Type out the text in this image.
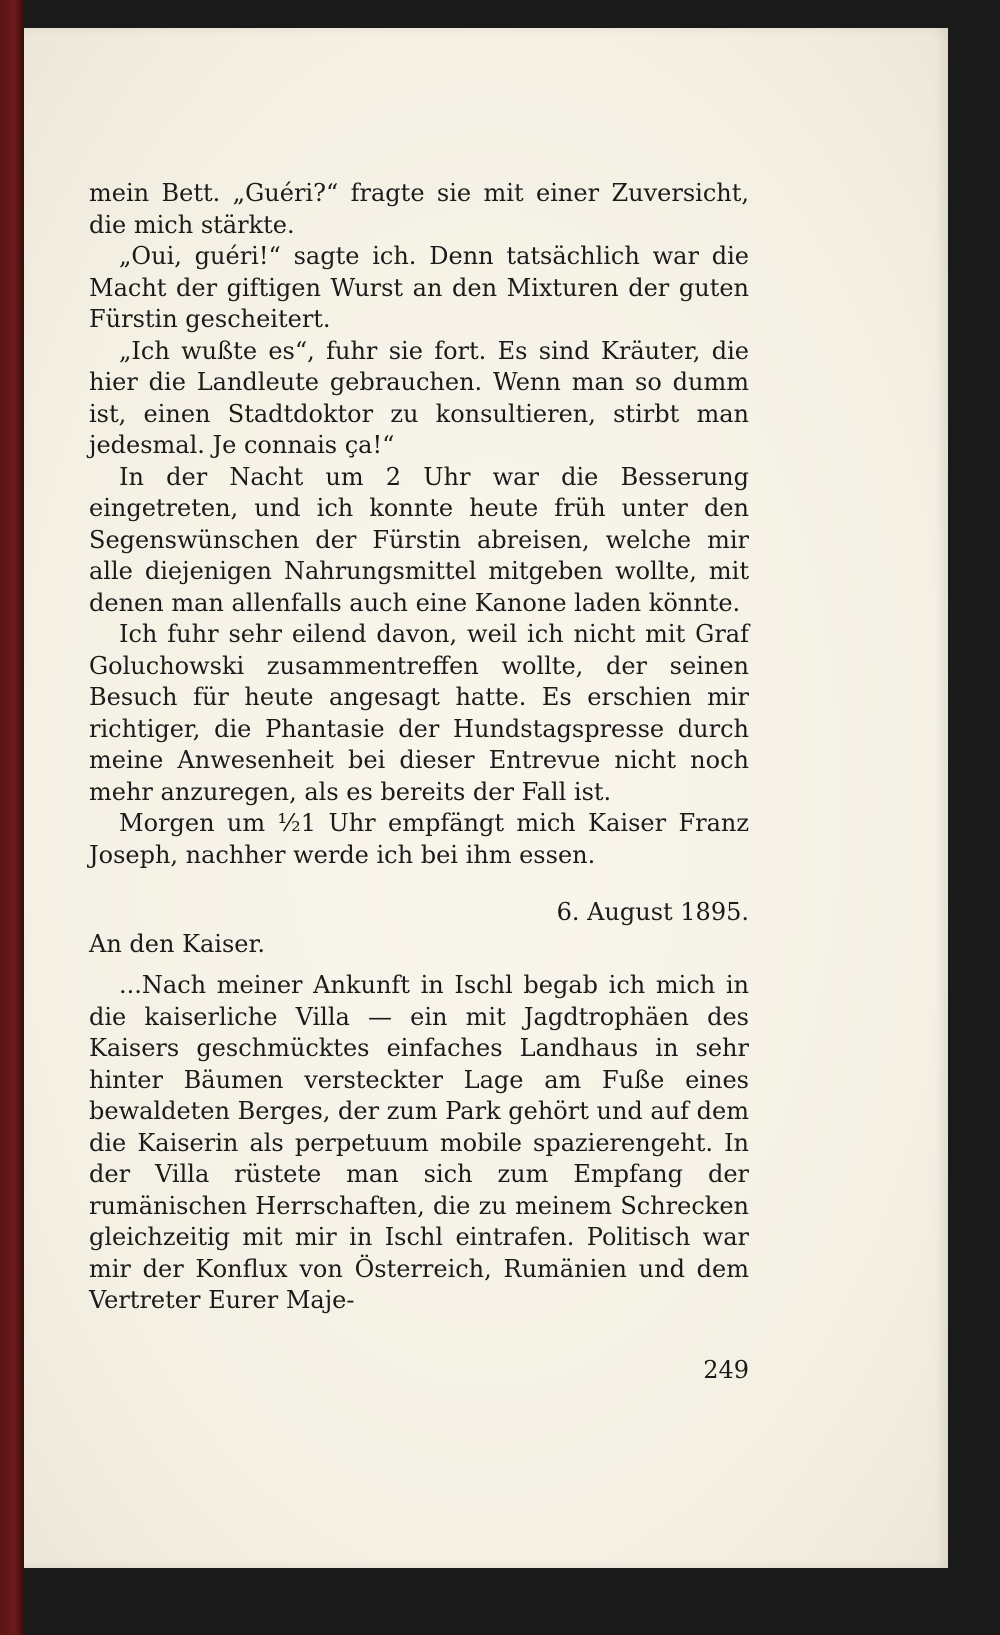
mein Bett. „Guéri?“ fragte sie mit einer Zuversicht, die mich stärkte.

„Oui, guéri!“ sagte ich. Denn tatsächlich war die Macht der giftigen Wurst an den Mixturen der guten Fürstin gescheitert.

„Ich wußte es“, fuhr sie fort. Es sind Kräuter, die hier die Landleute gebrauchen. Wenn man so dumm ist, einen Stadtdoktor zu konsultieren, stirbt man jedesmal. Je connais ça!“

In der Nacht um 2 Uhr war die Besserung eingetreten, und ich konnte heute früh unter den Segenswünschen der Fürstin abreisen, welche mir alle diejenigen Nahrungsmittel mitgeben wollte, mit denen man allenfalls auch eine Kanone laden könnte.

Ich fuhr sehr eilend davon, weil ich nicht mit Graf Goluchowski zusammentreffen wollte, der seinen Besuch für heute angesagt hatte. Es erschien mir richtiger, die Phantasie der Hundstagspresse durch meine Anwesenheit bei dieser Entrevue nicht noch mehr anzuregen, als es bereits der Fall ist.

Morgen um ½1 Uhr empfängt mich Kaiser Franz Joseph, nachher werde ich bei ihm essen.

6. August 1895.

An den Kaiser.

...Nach meiner Ankunft in Ischl begab ich mich in die kaiserliche Villa — ein mit Jagdtrophäen des Kaisers geschmücktes einfaches Landhaus in sehr hinter Bäumen versteckter Lage am Fuße eines bewaldeten Berges, der zum Park gehört und auf dem die Kaiserin als perpetuum mobile spazierengeht. In der Villa rüstete man sich zum Empfang der rumänischen Herrschaften, die zu meinem Schrecken gleichzeitig mit mir in Ischl eintrafen. Politisch war mir der Konflux von Österreich, Rumänien und dem Vertreter Eurer Maje-

249
